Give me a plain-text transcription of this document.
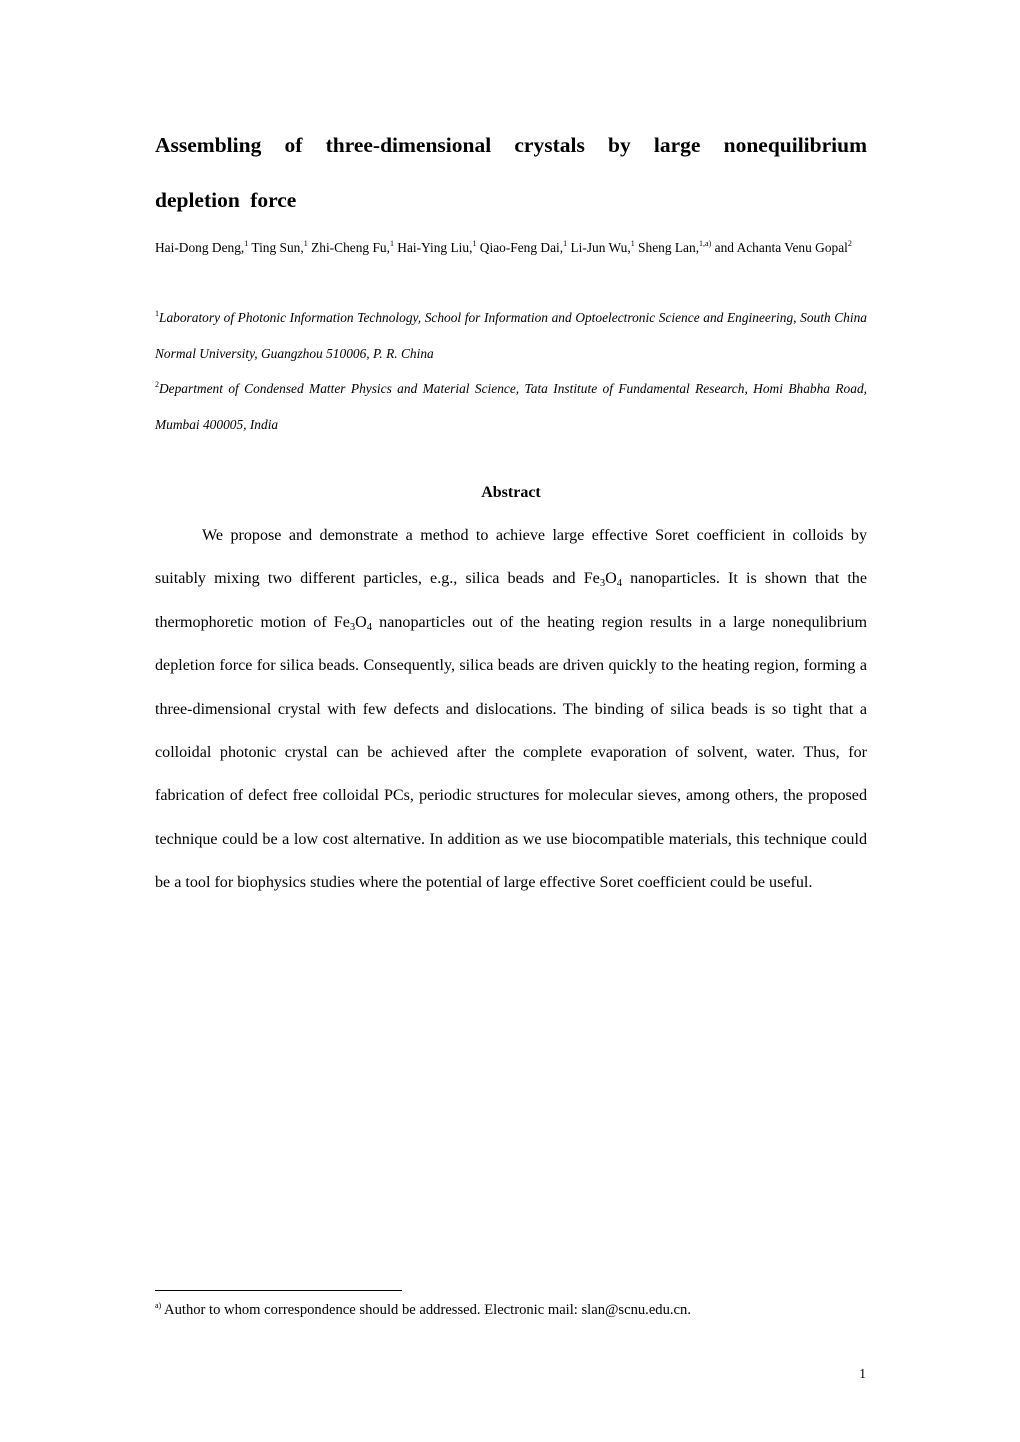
Assembling of three-dimensional crystals by large nonequilibrium depletion force
Hai-Dong Deng,$^1$ Ting Sun,$^1$ Zhi-Cheng Fu,$^1$ Hai-Ying Liu,$^1$ Qiao-Feng Dai,$^1$ Li-Jun Wu,$^1$ Sheng Lan,$^{1,a)}$ and Achanta Venu Gopal$^2$
$^1$Laboratory of Photonic Information Technology, School for Information and Optoelectronic Science and Engineering, South China Normal University, Guangzhou 510006, P. R. China
$^2$Department of Condensed Matter Physics and Material Science, Tata Institute of Fundamental Research, Homi Bhabha Road, Mumbai 400005, India
Abstract
We propose and demonstrate a method to achieve large effective Soret coefficient in colloids by suitably mixing two different particles, e.g., silica beads and $Fe_3O_4$ nanoparticles. It is shown that the thermophoretic motion of $Fe_3O_4$ nanoparticles out of the heating region results in a large nonequlibrium depletion force for silica beads. Consequently, silica beads are driven quickly to the heating region, forming a three-dimensional crystal with few defects and dislocations. The binding of silica beads is so tight that a colloidal photonic crystal can be achieved after the complete evaporation of solvent, water. Thus, for fabrication of defect free colloidal PCs, periodic structures for molecular sieves, among others, the proposed technique could be a low cost alternative. In addition as we use biocompatible materials, this technique could be a tool for biophysics studies where the potential of large effective Soret coefficient could be useful.
$^{a)}$ Author to whom correspondence should be addressed. Electronic mail: slan@scnu.edu.cn.
1
